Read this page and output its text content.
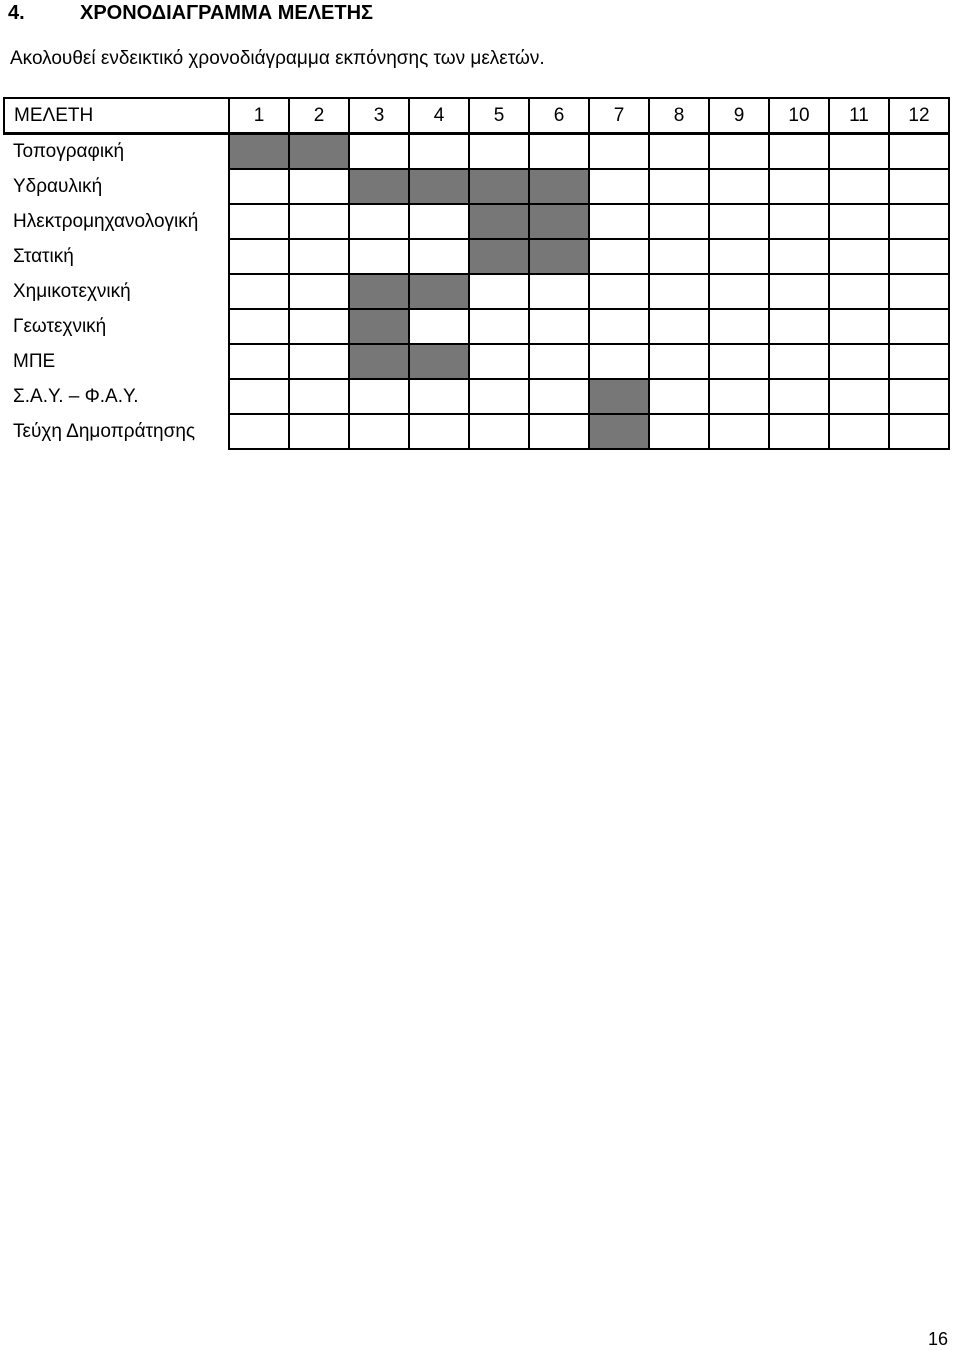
4.	ΧΡΟΝΟΔΙΑΓΡΑΜΜΑ ΜΕΛΕΤΗΣ
Ακολουθεί ενδεικτικό χρονοδιάγραμμα εκπόνησης των μελετών.
ΜΕΛΕΤΗ	1	2	3	4	5	6	7	8	9	10	11	12
Τοπογραφική												
Υδραυλική												
Ηλεκτρομηχανολογική												
Στατική												
Χημικοτεχνική												
Γεωτεχνική												
ΜΠΕ												
Σ.Α.Υ. – Φ.Α.Υ.												
Τεύχη Δημοπράτησης												
16
